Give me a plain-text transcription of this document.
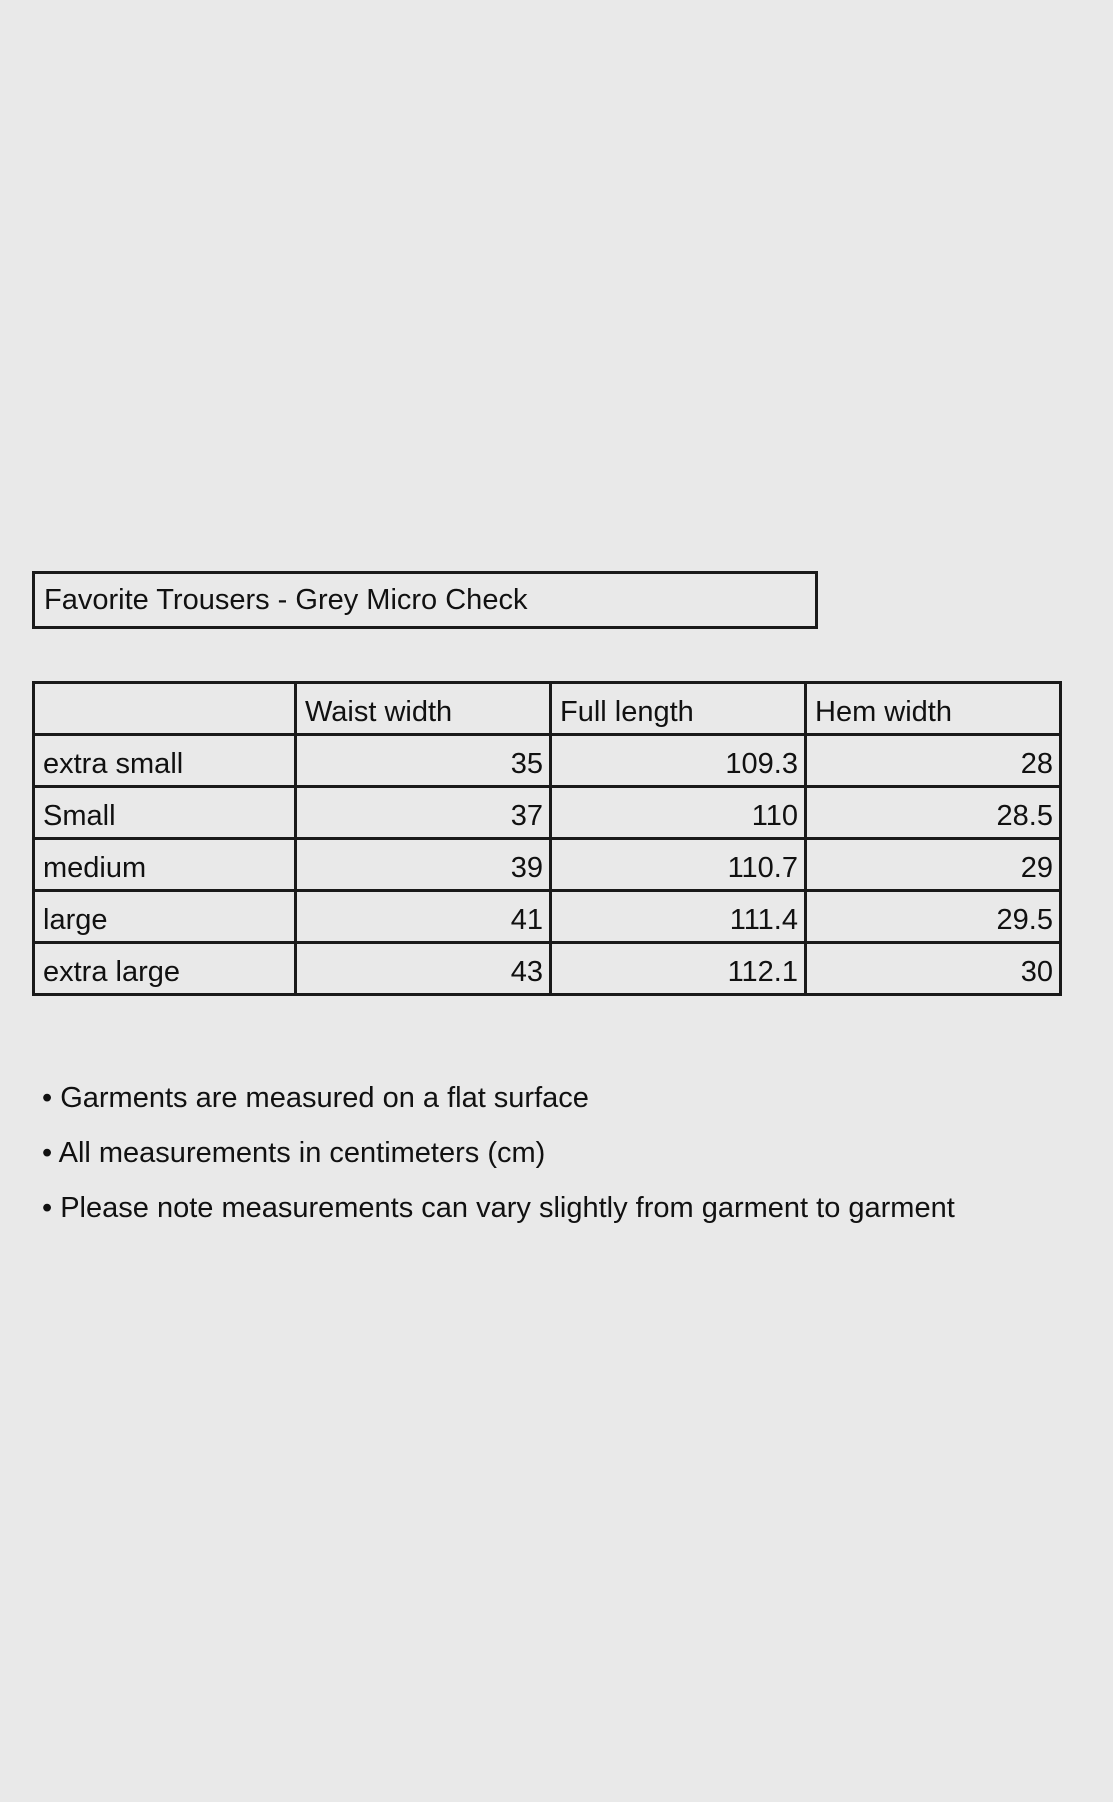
Favorite Trousers - Grey Micro Check
	Waist width	Full length	Hem width
extra small	35	109.3	28
Small	37	110	28.5
medium	39	110.7	29
large	41	111.4	29.5
extra large	43	112.1	30
• Garments are measured on a flat surface
• All measurements in centimeters (cm)
• Please note measurements can vary slightly from garment to garment
